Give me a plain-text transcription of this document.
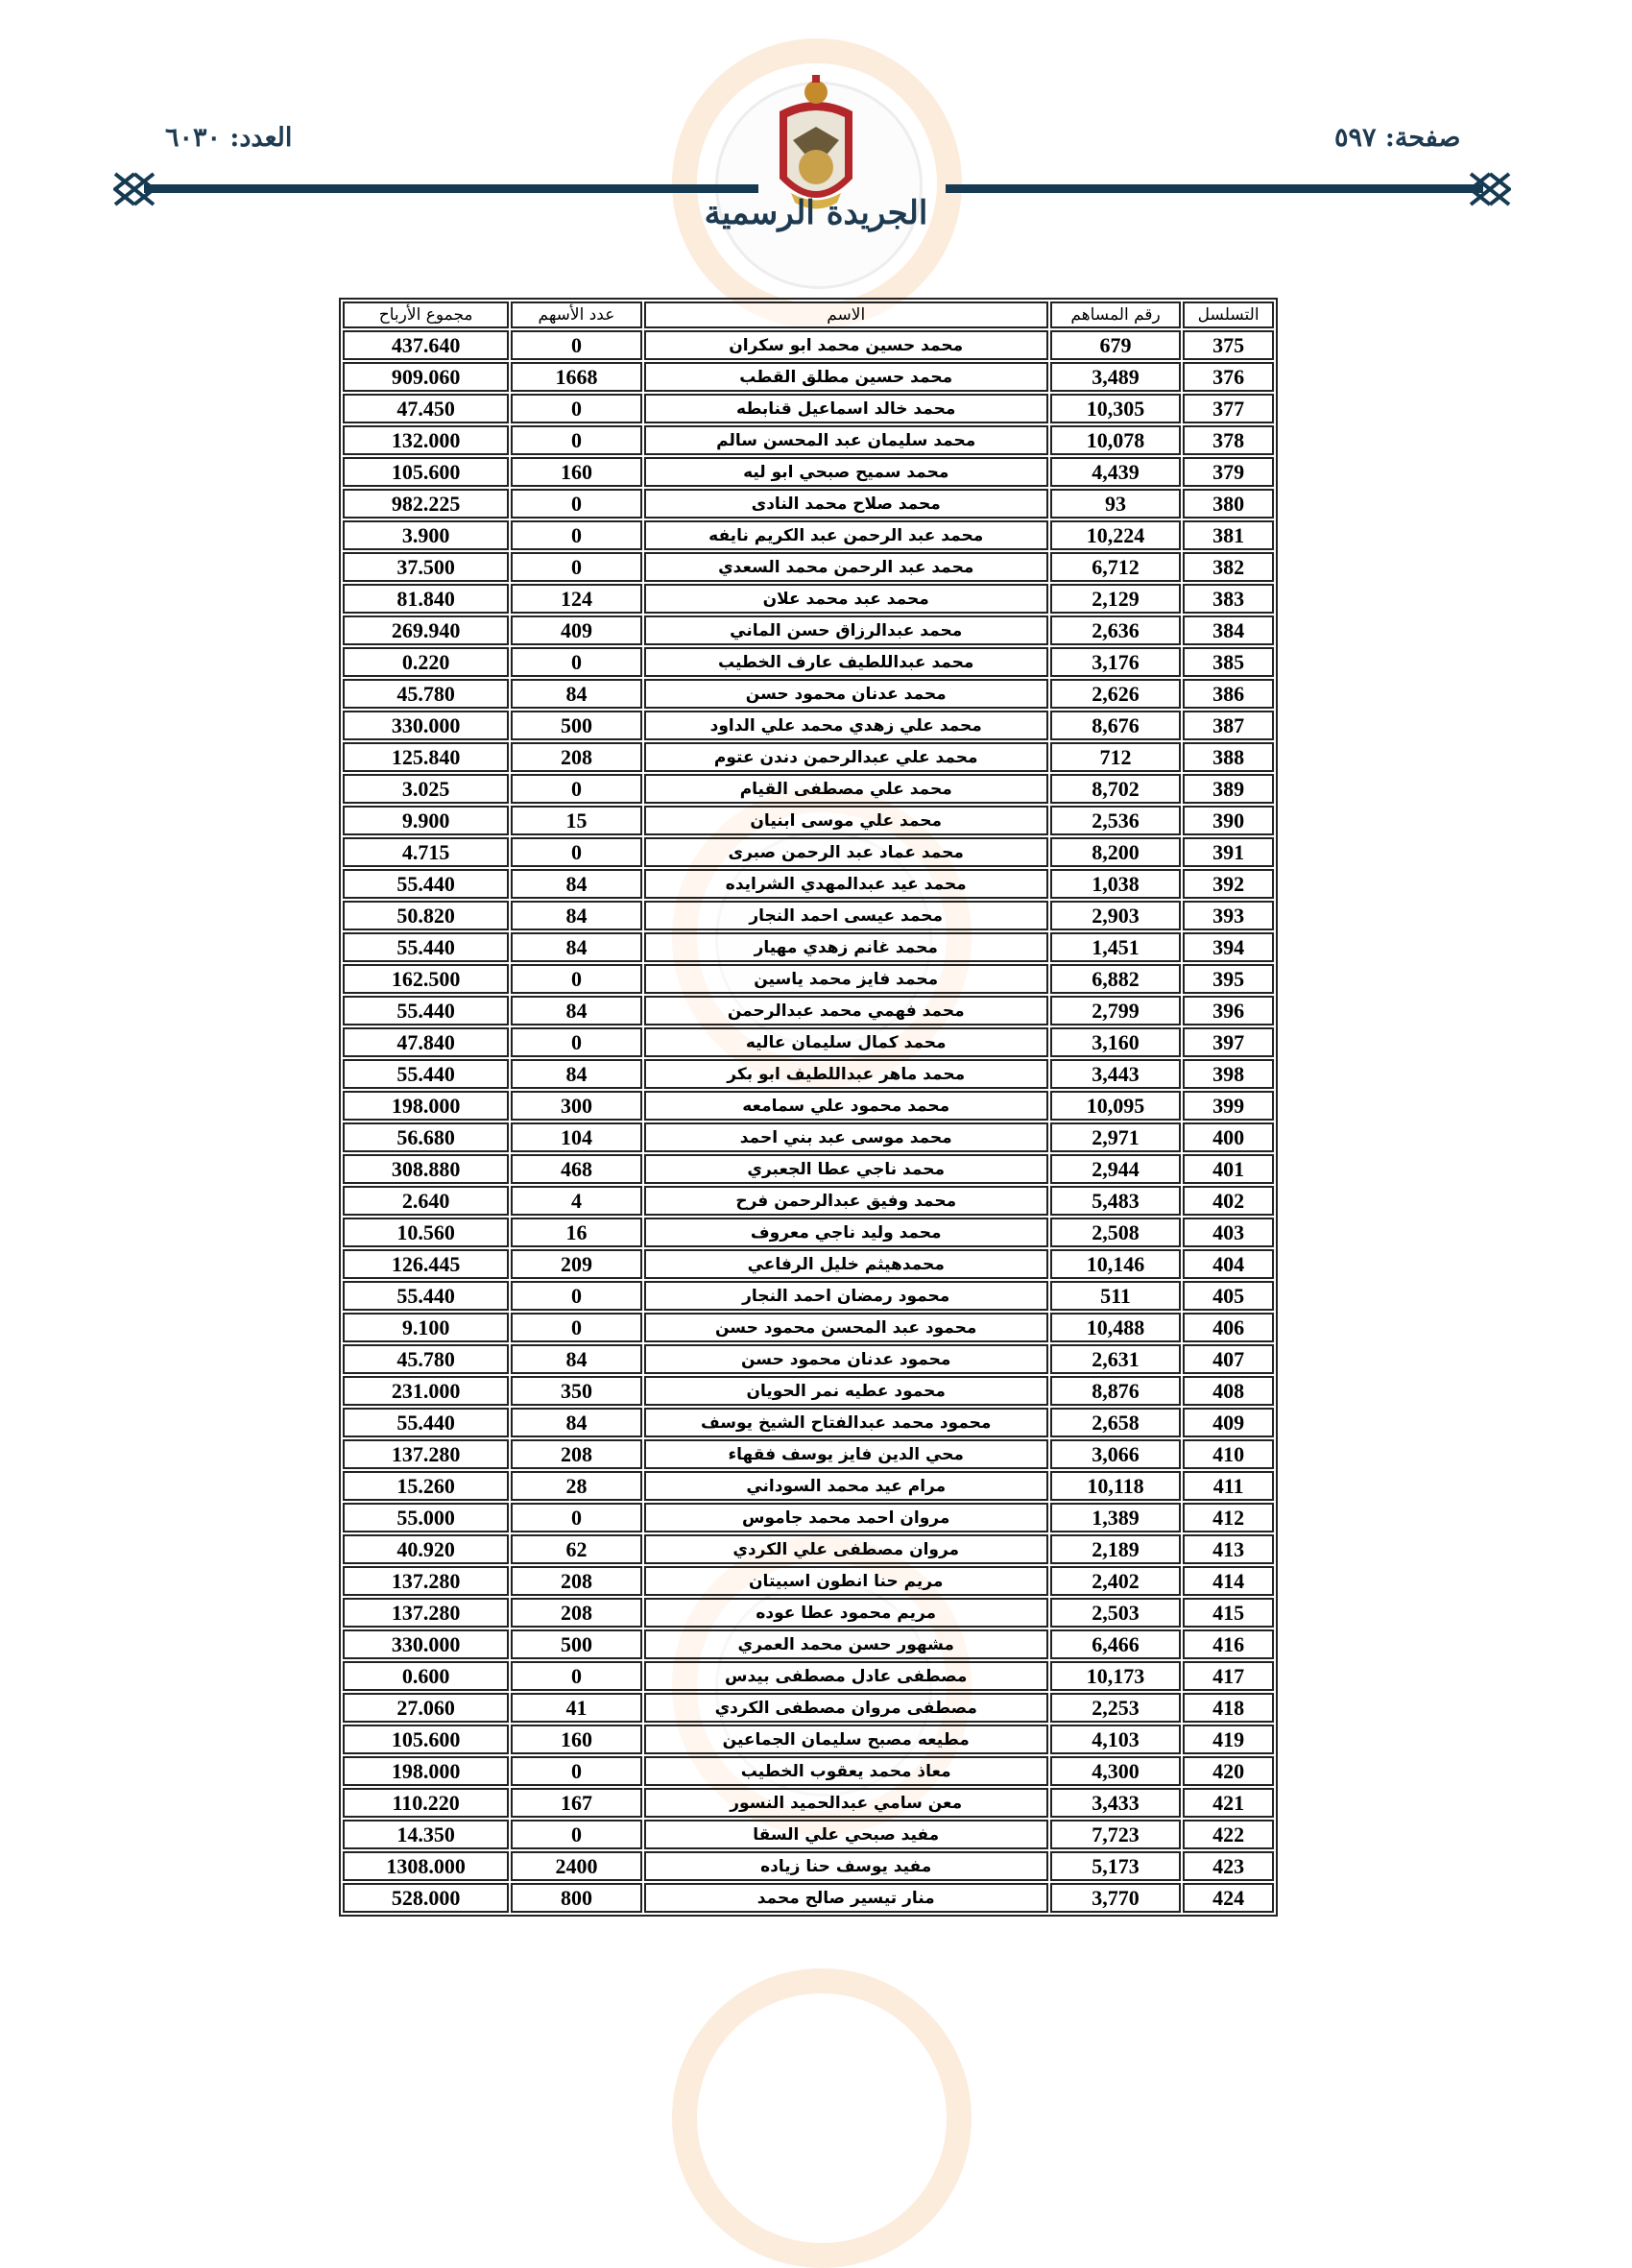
صفحة: ٥٩٧
العدد: ٦٠٣٠
الجريدة الرسمية
التسلسل	رقم المساهم	الاسم	عدد الأسهم	مجموع الأرباح
375	679	محمد حسين محمد ابو سكران	0	437.640
376	3,489	محمد حسين مطلق القطب	1668	909.060
377	10,305	محمد خالد اسماعيل قنابطه	0	47.450
378	10,078	محمد سليمان عبد المحسن سالم	0	132.000
379	4,439	محمد سميح صبحي ابو ليه	160	105.600
380	93	محمد صلاح محمد النادى	0	982.225
381	10,224	محمد عبد الرحمن عبد الكريم نايفه	0	3.900
382	6,712	محمد عبد الرحمن محمد السعدي	0	37.500
383	2,129	محمد عبد محمد علان	124	81.840
384	2,636	محمد عبدالرزاق حسن الماني	409	269.940
385	3,176	محمد عبداللطيف عارف الخطيب	0	0.220
386	2,626	محمد عدنان محمود حسن	84	45.780
387	8,676	محمد علي زهدي محمد علي الداود	500	330.000
388	712	محمد علي عبدالرحمن دندن عتوم	208	125.840
389	8,702	محمد علي مصطفى القيام	0	3.025
390	2,536	محمد علي موسى ابنيان	15	9.900
391	8,200	محمد عماد عبد الرحمن صبرى	0	4.715
392	1,038	محمد عيد عبدالمهدي الشرايده	84	55.440
393	2,903	محمد عيسى احمد النجار	84	50.820
394	1,451	محمد غانم زهدي مهيار	84	55.440
395	6,882	محمد فايز محمد ياسين	0	162.500
396	2,799	محمد فهمي محمد عبدالرحمن	84	55.440
397	3,160	محمد كمال سليمان عاليه	0	47.840
398	3,443	محمد ماهر عبداللطيف ابو بكر	84	55.440
399	10,095	محمد محمود علي سمامعه	300	198.000
400	2,971	محمد موسى عبد بني احمد	104	56.680
401	2,944	محمد ناجي عطا الجعبري	468	308.880
402	5,483	محمد وفيق عبدالرحمن فرح	4	2.640
403	2,508	محمد وليد ناجي معروف	16	10.560
404	10,146	محمدهيثم خليل الرفاعي	209	126.445
405	511	محمود رمضان احمد النجار	0	55.440
406	10,488	محمود عبد المحسن محمود حسن	0	9.100
407	2,631	محمود عدنان محمود حسن	84	45.780
408	8,876	محمود عطيه نمر الحويان	350	231.000
409	2,658	محمود محمد عبدالفتاح الشيخ يوسف	84	55.440
410	3,066	محي الدين فايز يوسف فقهاء	208	137.280
411	10,118	مرام عيد محمد السوداني	28	15.260
412	1,389	مروان احمد محمد جاموس	0	55.000
413	2,189	مروان مصطفى علي الكردي	62	40.920
414	2,402	مريم حنا انطون اسبيتان	208	137.280
415	2,503	مريم محمود عطا عوده	208	137.280
416	6,466	مشهور حسن محمد العمري	500	330.000
417	10,173	مصطفى عادل مصطفى بيدس	0	0.600
418	2,253	مصطفى مروان مصطفى الكردي	41	27.060
419	4,103	مطيعه مصبح سليمان الجماعين	160	105.600
420	4,300	معاذ محمد يعقوب الخطيب	0	198.000
421	3,433	معن سامي عبدالحميد النسور	167	110.220
422	7,723	مفيد صبحي علي السقا	0	14.350
423	5,173	مفيد يوسف حنا زياده	2400	1308.000
424	3,770	منار تيسير صالح محمد	800	528.000
